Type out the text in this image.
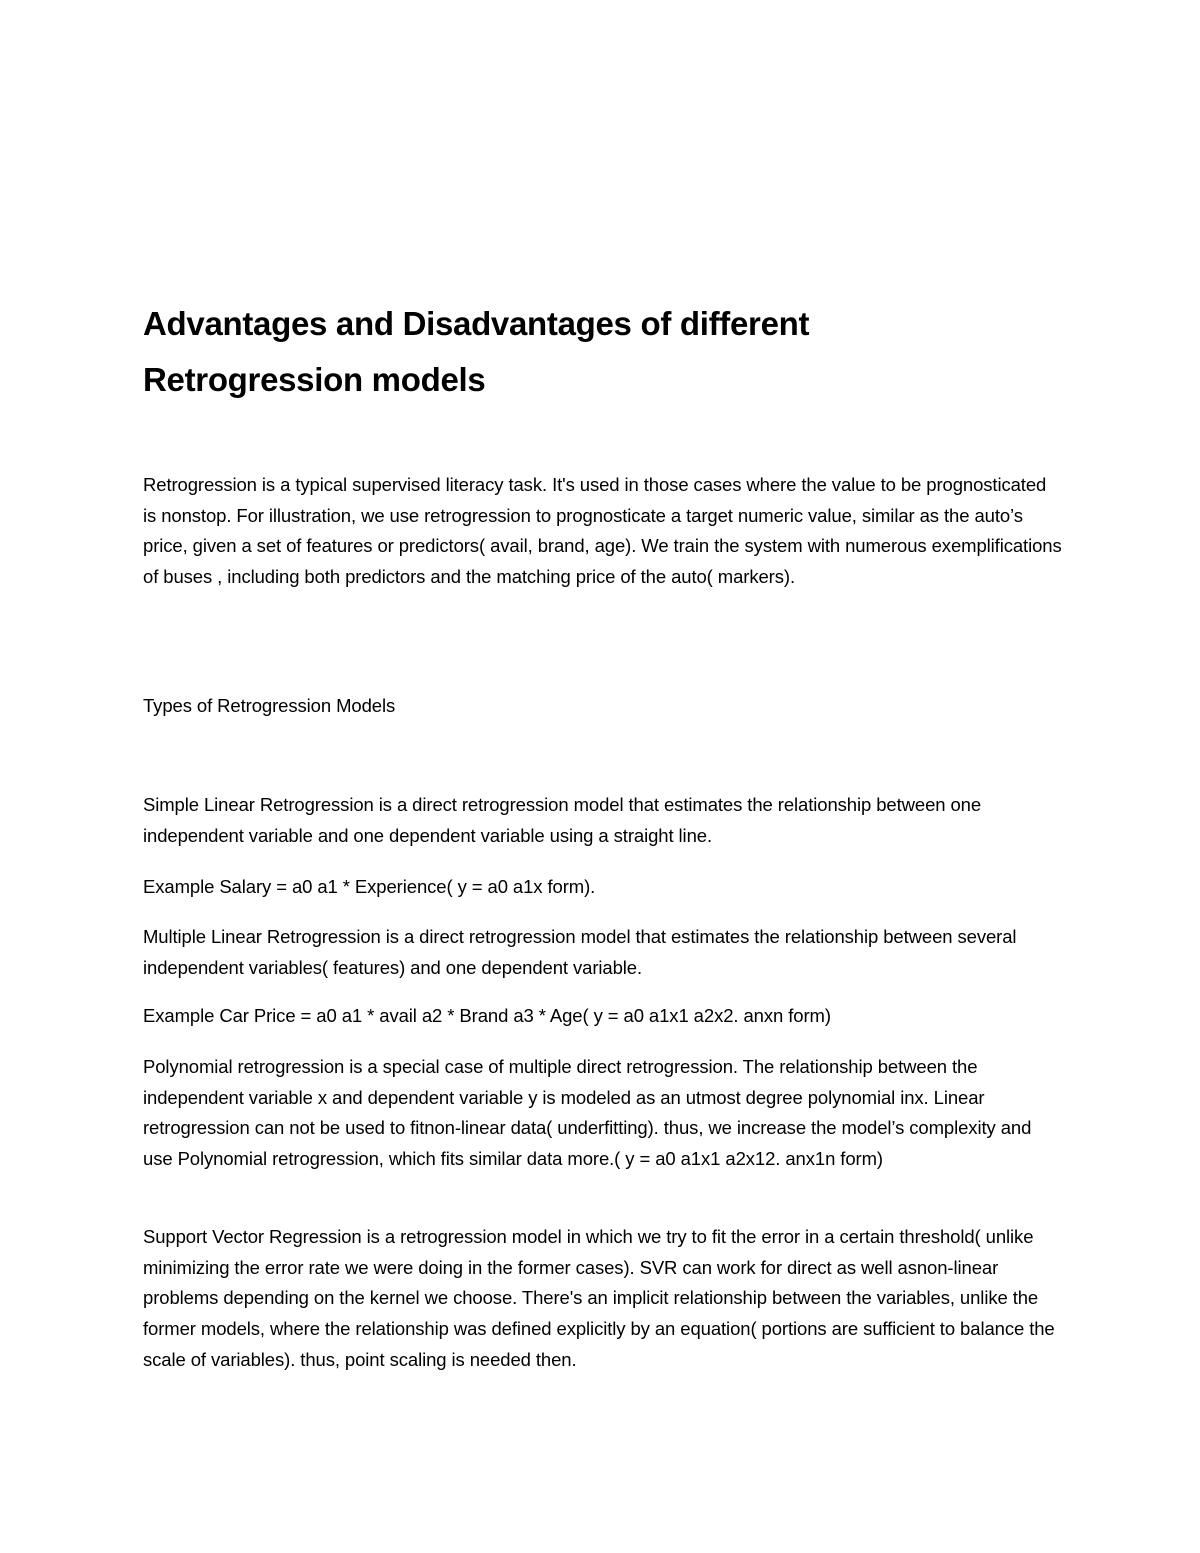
Advantages and Disadvantages of different
Retrogression models

Retrogression is a typical supervised literacy task. It's used in those cases where the value to be prognosticated is nonstop. For illustration, we use retrogression to prognosticate a target numeric value, similar as the auto’s price, given a set of features or predictors( avail, brand, age). We train the system with numerous exemplifications of buses , including both predictors and the matching price of the auto( markers).

Types of Retrogression Models

Simple Linear Retrogression is a direct retrogression model that estimates the relationship between one independent variable and one dependent variable using a straight line.

Example Salary = a0 a1 * Experience( y = a0 a1x form).

Multiple Linear Retrogression is a direct retrogression model that estimates the relationship between several independent variables( features) and one dependent variable.

Example Car Price = a0 a1 * avail a2 * Brand a3 * Age( y = a0 a1x1 a2x2. anxn form)

Polynomial retrogression is a special case of multiple direct retrogression. The relationship between the independent variable x and dependent variable y is modeled as an utmost degree polynomial inx. Linear retrogression can not be used to fitnon-linear data( underfitting). thus, we increase the model’s complexity and use Polynomial retrogression, which fits similar data more.( y = a0 a1x1 a2x12. anx1n form)

Support Vector Regression is a retrogression model in which we try to fit the error in a certain threshold( unlike minimizing the error rate we were doing in the former cases). SVR can work for direct as well asnon-linear problems depending on the kernel we choose. There's an implicit relationship between the variables, unlike the former models, where the relationship was defined explicitly by an equation( portions are sufficient to balance the scale of variables). thus, point scaling is needed then.
